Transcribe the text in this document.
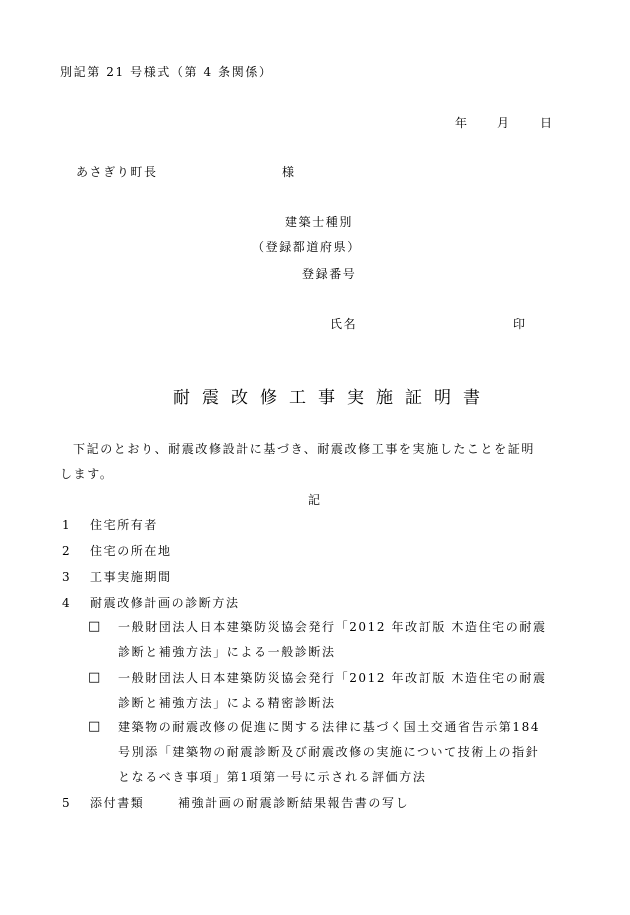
別記第 21 号様式（第 4 条関係）
年 月 日
あさぎり町長	様
建築士種別
（登録都道府県）
登録番号
氏名	印
耐震改修工事実施証明書
下記のとおり、耐震改修設計に基づき、耐震改修工事を実施したことを証明
します。
記
1 住宅所有者
2 住宅の所在地
3 工事実施期間
4 耐震改修計画の診断方法
□ 一般財団法人日本建築防災協会発行「2012 年改訂版 木造住宅の耐震
診断と補強方法」による一般診断法
□ 一般財団法人日本建築防災協会発行「2012 年改訂版 木造住宅の耐震
診断と補強方法」による精密診断法
□ 建築物の耐震改修の促進に関する法律に基づく国土交通省告示第184
号別添「建築物の耐震診断及び耐震改修の実施について技術上の指針
となるべき事項」第1項第一号に示される評価方法
5 添付書類	補強計画の耐震診断結果報告書の写し
